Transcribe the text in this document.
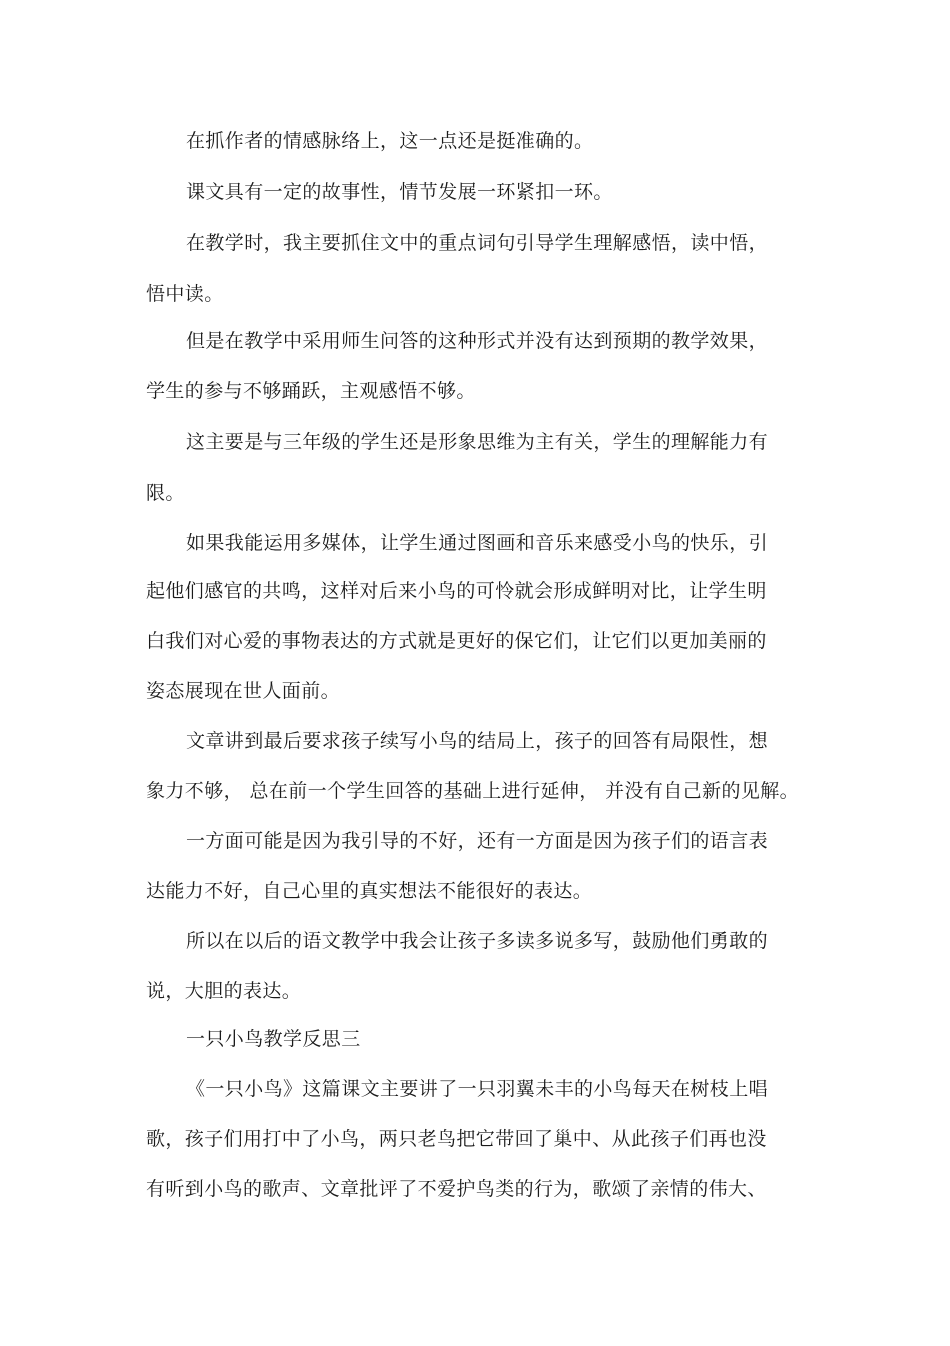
在抓作者的情感脉络上，这一点还是挺准确的。
课文具有一定的故事性，情节发展一环紧扣一环。
在教学时，我主要抓住文中的重点词句引导学生理解感悟，读中悟，
悟中读。
但是在教学中采用师生问答的这种形式并没有达到预期的教学效果，
学生的参与不够踊跃，主观感悟不够。
这主要是与三年级的学生还是形象思维为主有关，学生的理解能力有
限。
如果我能运用多媒体，让学生通过图画和音乐来感受小鸟的快乐，引
起他们感官的共鸣，这样对后来小鸟的可怜就会形成鲜明对比，让学生明
白我们对心爱的事物表达的方式就是更好的保它们，让它们以更加美丽的
姿态展现在世人面前。
文章讲到最后要求孩子续写小鸟的结局上，孩子的回答有局限性，想
象力不够， 总在前一个学生回答的基础上进行延伸， 并没有自己新的见解。
一方面可能是因为我引导的不好，还有一方面是因为孩子们的语言表
达能力不好，自己心里的真实想法不能很好的表达。
所以在以后的语文教学中我会让孩子多读多说多写，鼓励他们勇敢的
说，大胆的表达。
一只小鸟教学反思三
《一只小鸟》这篇课文主要讲了一只羽翼未丰的小鸟每天在树枝上唱
歌，孩子们用打中了小鸟，两只老鸟把它带回了巢中、从此孩子们再也没
有听到小鸟的歌声、文章批评了不爱护鸟类的行为，歌颂了亲情的伟大、
